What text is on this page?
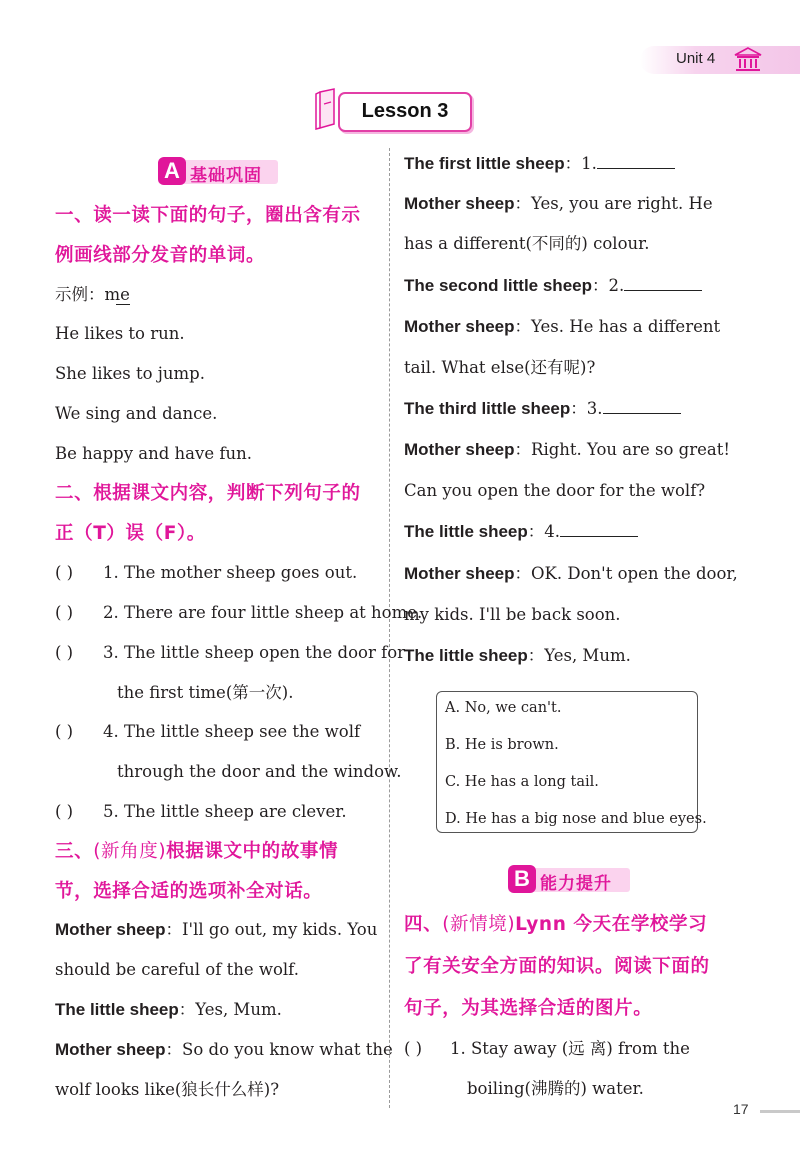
Unit 4
Lesson 3
A 基础巩固
一、读一读下面的句子，圈出含有示
例画线部分发音的单词。
示例：me
He likes to run.
She likes to jump.
We sing and dance.
Be happy and have fun.
二、根据课文内容，判断下列句子的
正（T）误（F）。
( ) 1. The mother sheep goes out.
( ) 2. There are four little sheep at home.
( ) 3. The little sheep open the door for
the first time(第一次).
( ) 4. The little sheep see the wolf
through the door and the window.
( ) 5. The little sheep are clever.
三、(新角度)根据课文中的故事情
节，选择合适的选项补全对话。
Mother sheep：I'll go out, my kids. You
should be careful of the wolf.
The little sheep：Yes, Mum.
Mother sheep：So do you know what the
wolf looks like(狼长什么样)?
The first little sheep：1.
Mother sheep：Yes, you are right. He
has a different(不同的) colour.
The second little sheep：2.
Mother sheep：Yes. He has a different
tail. What else(还有呢)?
The third little sheep：3.
Mother sheep：Right. You are so great!
Can you open the door for the wolf?
The little sheep：4.
Mother sheep：OK. Don't open the door,
my kids. I'll be back soon.
The little sheep：Yes, Mum.
A. No, we can't.
B. He is brown.
C. He has a long tail.
D. He has a big nose and blue eyes.
B 能力提升
四、(新情境)Lynn 今天在学校学习
了有关安全方面的知识。阅读下面的
句子，为其选择合适的图片。
( ) 1. Stay away (远 离) from the
boiling(沸腾的) water.
17
